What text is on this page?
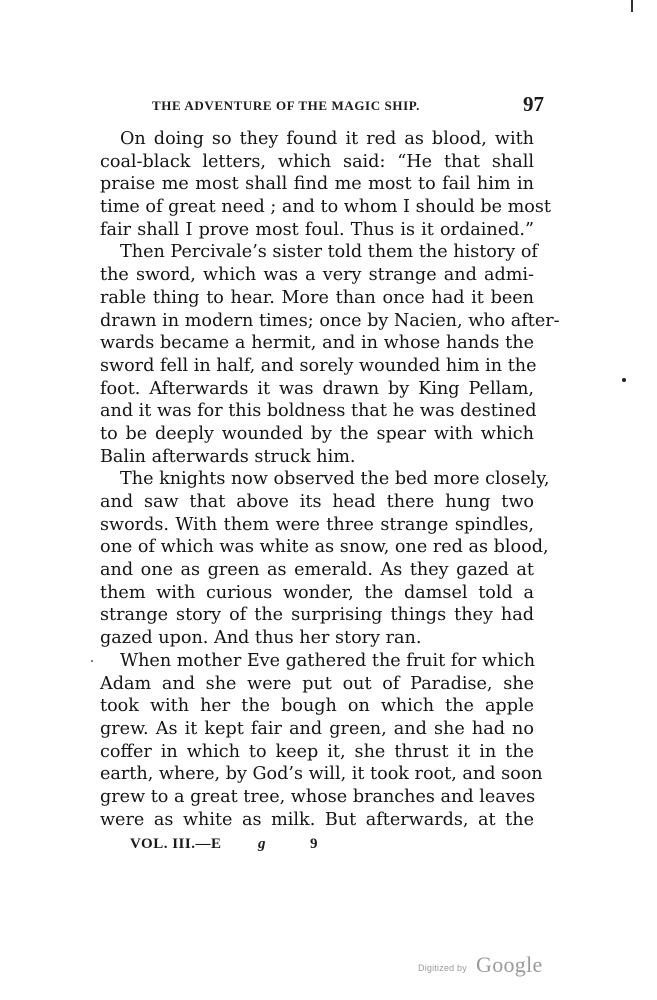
THE ADVENTURE OF THE MAGIC SHIP.	97
On doing so they found it red as blood, with
coal-black letters, which said: “He that shall
praise me most shall find me most to fail him in
time of great need ; and to whom I should be most
fair shall I prove most foul. Thus is it ordained.”
Then Percivale’s sister told them the history of
the sword, which was a very strange and admi-
rable thing to hear. More than once had it been
drawn in modern times; once by Nacien, who after-
wards became a hermit, and in whose hands the
sword fell in half, and sorely wounded him in the
foot. Afterwards it was drawn by King Pellam,
and it was for this boldness that he was destined
to be deeply wounded by the spear with which
Balin afterwards struck him.
The knights now observed the bed more closely,
and saw that above its head there hung two
swords. With them were three strange spindles,
one of which was white as snow, one red as blood,
and one as green as emerald. As they gazed at
them with curious wonder, the damsel told a
strange story of the surprising things they had
gazed upon. And thus her story ran.
When mother Eve gathered the fruit for which
Adam and she were put out of Paradise, she
took with her the bough on which the apple
grew. As it kept fair and green, and she had no
coffer in which to keep it, she thrust it in the
earth, where, by God’s will, it took root, and soon
grew to a great tree, whose branches and leaves
were as white as milk. But afterwards, at the
VOL. III.—E g	9
Digitized by Google
